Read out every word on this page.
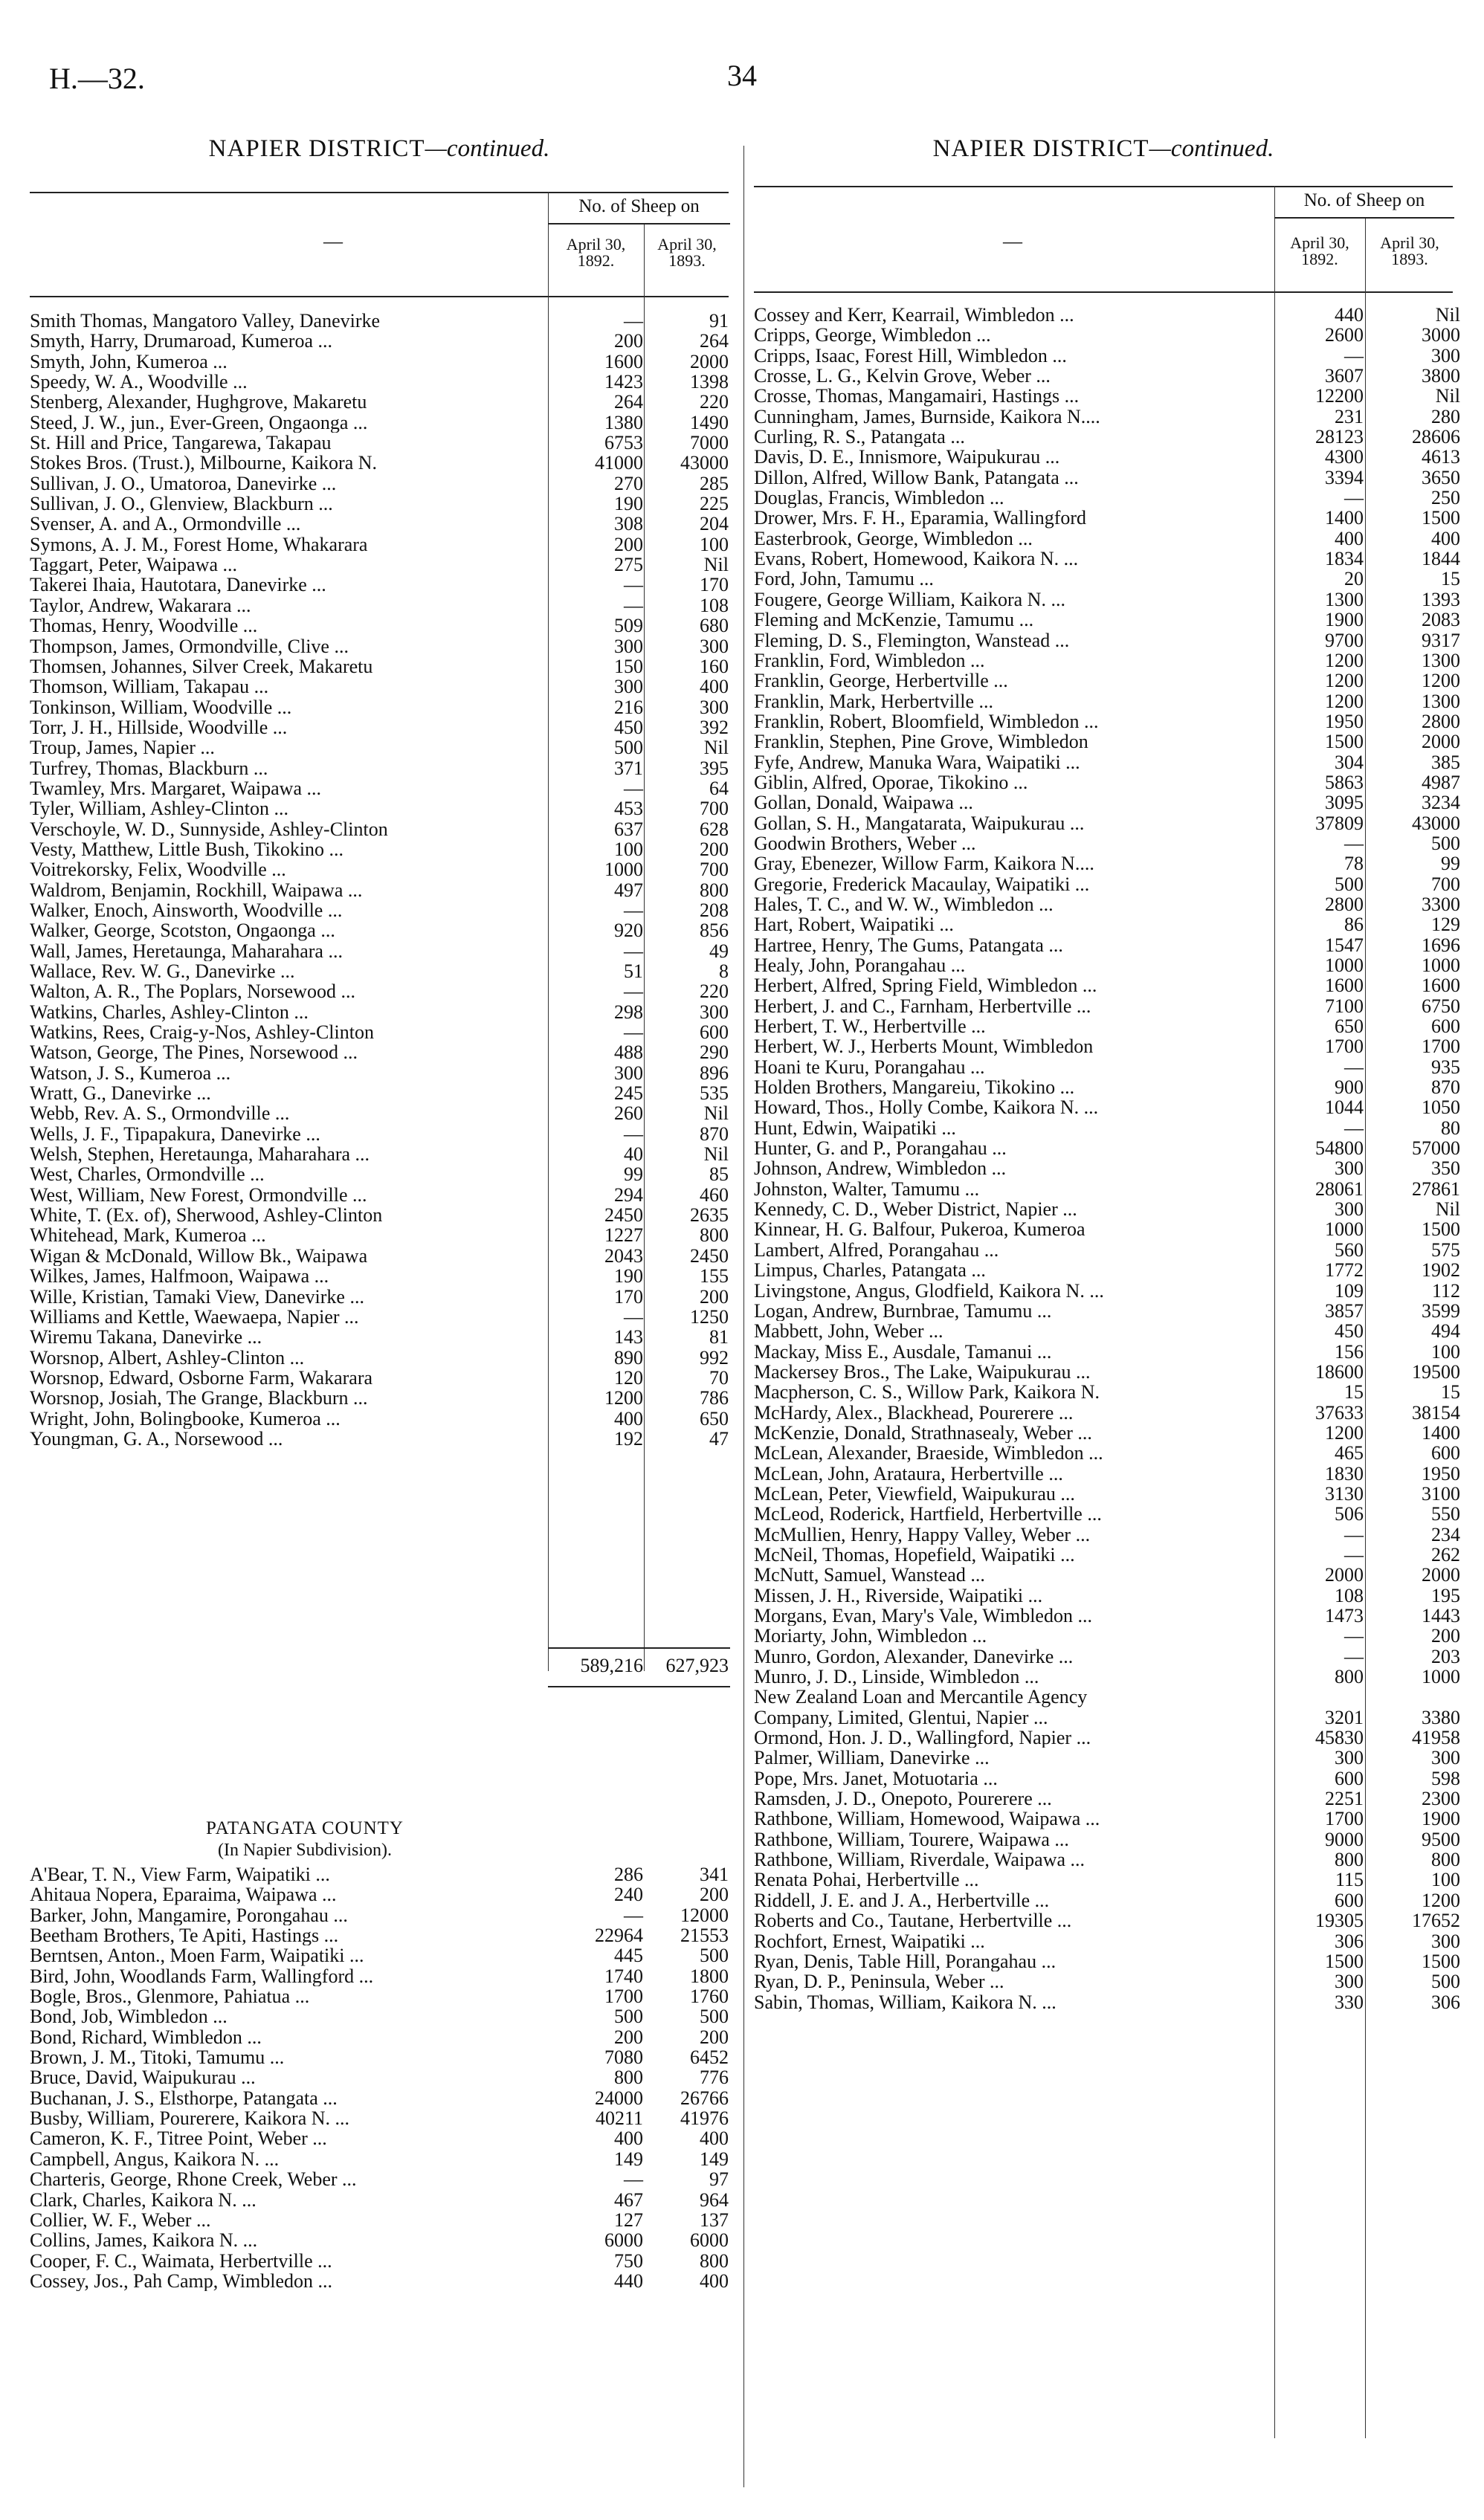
H.—32.	34
NAPIER DISTRICT—continued.
—
No. of Sheep on
April 30,
1892.
April 30,
1893.
Smith Thomas, Mangatoro Valley, Danevirke	—	91
Smyth, Harry, Drumaroad, Kumeroa ...	200	264
Smyth, John, Kumeroa ...	1600	2000
Speedy, W. A., Woodville ...	1423	1398
Stenberg, Alexander, Hughgrove, Makaretu	264	220
Steed, J. W., jun., Ever-Green, Ongaonga ...	1380	1490
St. Hill and Price, Tangarewa, Takapau	6753	7000
Stokes Bros. (Trust.), Milbourne, Kaikora N.	41000	43000
Sullivan, J. O., Umatoroa, Danevirke ...	270	285
Sullivan, J. O., Glenview, Blackburn ...	190	225
Svenser, A. and A., Ormondville ...	308	204
Symons, A. J. M., Forest Home, Whakarara	200	100
Taggart, Peter, Waipawa ...	275	Nil
Takerei Ihaia, Hautotara, Danevirke ...	—	170
Taylor, Andrew, Wakarara ...	—	108
Thomas, Henry, Woodville ...	509	680
Thompson, James, Ormondville, Clive ...	300	300
Thomsen, Johannes, Silver Creek, Makaretu	150	160
Thomson, William, Takapau ...	300	400
Tonkinson, William, Woodville ...	216	300
Torr, J. H., Hillside, Woodville ...	450	392
Troup, James, Napier ...	500	Nil
Turfrey, Thomas, Blackburn ...	371	395
Twamley, Mrs. Margaret, Waipawa ...	—	64
Tyler, William, Ashley-Clinton ...	453	700
Verschoyle, W. D., Sunnyside, Ashley-Clinton	637	628
Vesty, Matthew, Little Bush, Tikokino ...	100	200
Voitrekorsky, Felix, Woodville ...	1000	700
Waldrom, Benjamin, Rockhill, Waipawa ...	497	800
Walker, Enoch, Ainsworth, Woodville ...	—	208
Walker, George, Scotston, Ongaonga ...	920	856
Wall, James, Heretaunga, Maharahara ...	—	49
Wallace, Rev. W. G., Danevirke ...	51	8
Walton, A. R., The Poplars, Norsewood ...	—	220
Watkins, Charles, Ashley-Clinton ...	298	300
Watkins, Rees, Craig-y-Nos, Ashley-Clinton	—	600
Watson, George, The Pines, Norsewood ...	488	290
Watson, J. S., Kumeroa ...	300	896
Wratt, G., Danevirke ...	245	535
Webb, Rev. A. S., Ormondville ...	260	Nil
Wells, J. F., Tipapakura, Danevirke ...	—	870
Welsh, Stephen, Heretaunga, Maharahara ...	40	Nil
West, Charles, Ormondville ...	99	85
West, William, New Forest, Ormondville ...	294	460
White, T. (Ex. of), Sherwood, Ashley-Clinton	2450	2635
Whitehead, Mark, Kumeroa ...	1227	800
Wigan & McDonald, Willow Bk., Waipawa	2043	2450
Wilkes, James, Halfmoon, Waipawa ...	190	155
Wille, Kristian, Tamaki View, Danevirke ...	170	200
Williams and Kettle, Waewaepa, Napier ...	—	1250
Wiremu Takana, Danevirke ...	143	81
Worsnop, Albert, Ashley-Clinton ...	890	992
Worsnop, Edward, Osborne Farm, Wakarara	120	70
Worsnop, Josiah, The Grange, Blackburn ...	1200	786
Wright, John, Bolingbooke, Kumeroa ...	400	650
Youngman, G. A., Norsewood ...	192	47
589,216	627,923
PATANGATA COUNTY
(In Napier Subdivision).
A'Bear, T. N., View Farm, Waipatiki ...	286	341
Ahitaua Nopera, Eparaima, Waipawa ...	240	200
Barker, John, Mangamire, Porongahau ...	—	12000
Beetham Brothers, Te Apiti, Hastings ...	22964	21553
Berntsen, Anton., Moen Farm, Waipatiki ...	445	500
Bird, John, Woodlands Farm, Wallingford ...	1740	1800
Bogle, Bros., Glenmore, Pahiatua ...	1700	1760
Bond, Job, Wimbledon ...	500	500
Bond, Richard, Wimbledon ...	200	200
Brown, J. M., Titoki, Tamumu ...	7080	6452
Bruce, David, Waipukurau ...	800	776
Buchanan, J. S., Elsthorpe, Patangata ...	24000	26766
Busby, William, Pourerere, Kaikora N. ...	40211	41976
Cameron, K. F., Titree Point, Weber ...	400	400
Campbell, Angus, Kaikora N. ...	149	149
Charteris, George, Rhone Creek, Weber ...	—	97
Clark, Charles, Kaikora N. ...	467	964
Collier, W. F., Weber ...	127	137
Collins, James, Kaikora N. ...	6000	6000
Cooper, F. C., Waimata, Herbertville ...	750	800
Cossey, Jos., Pah Camp, Wimbledon ...	440	400
NAPIER DISTRICT—continued.
—
No. of Sheep on
April 30,
1892.
April 30,
1893.
Cossey and Kerr, Kearrail, Wimbledon ...	440	Nil
Cripps, George, Wimbledon ...	2600	3000
Cripps, Isaac, Forest Hill, Wimbledon ...	—	300
Crosse, L. G., Kelvin Grove, Weber ...	3607	3800
Crosse, Thomas, Mangamairi, Hastings ...	12200	Nil
Cunningham, James, Burnside, Kaikora N....	231	280
Curling, R. S., Patangata ...	28123	28606
Davis, D. E., Innismore, Waipukurau ...	4300	4613
Dillon, Alfred, Willow Bank, Patangata ...	3394	3650
Douglas, Francis, Wimbledon ...	—	250
Drower, Mrs. F. H., Eparamia, Wallingford	1400	1500
Easterbrook, George, Wimbledon ...	400	400
Evans, Robert, Homewood, Kaikora N. ...	1834	1844
Ford, John, Tamumu ...	20	15
Fougere, George William, Kaikora N. ...	1300	1393
Fleming and McKenzie, Tamumu ...	1900	2083
Fleming, D. S., Flemington, Wanstead ...	9700	9317
Franklin, Ford, Wimbledon ...	1200	1300
Franklin, George, Herbertville ...	1200	1200
Franklin, Mark, Herbertville ...	1200	1300
Franklin, Robert, Bloomfield, Wimbledon ...	1950	2800
Franklin, Stephen, Pine Grove, Wimbledon	1500	2000
Fyfe, Andrew, Manuka Wara, Waipatiki ...	304	385
Giblin, Alfred, Oporae, Tikokino ...	5863	4987
Gollan, Donald, Waipawa ...	3095	3234
Gollan, S. H., Mangatarata, Waipukurau ...	37809	43000
Goodwin Brothers, Weber ...	—	500
Gray, Ebenezer, Willow Farm, Kaikora N....	78	99
Gregorie, Frederick Macaulay, Waipatiki ...	500	700
Hales, T. C., and W. W., Wimbledon ...	2800	3300
Hart, Robert, Waipatiki ...	86	129
Hartree, Henry, The Gums, Patangata ...	1547	1696
Healy, John, Porangahau ...	1000	1000
Herbert, Alfred, Spring Field, Wimbledon ...	1600	1600
Herbert, J. and C., Farnham, Herbertville ...	7100	6750
Herbert, T. W., Herbertville ...	650	600
Herbert, W. J., Herberts Mount, Wimbledon	1700	1700
Hoani te Kuru, Porangahau ...	—	935
Holden Brothers, Mangareiu, Tikokino ...	900	870
Howard, Thos., Holly Combe, Kaikora N. ...	1044	1050
Hunt, Edwin, Waipatiki ...	—	80
Hunter, G. and P., Porangahau ...	54800	57000
Johnson, Andrew, Wimbledon ...	300	350
Johnston, Walter, Tamumu ...	28061	27861
Kennedy, C. D., Weber District, Napier ...	300	Nil
Kinnear, H. G. Balfour, Pukeroa, Kumeroa	1000	1500
Lambert, Alfred, Porangahau ...	560	575
Limpus, Charles, Patangata ...	1772	1902
Livingstone, Angus, Glodfield, Kaikora N. ...	109	112
Logan, Andrew, Burnbrae, Tamumu ...	3857	3599
Mabbett, John, Weber ...	450	494
Mackay, Miss E., Ausdale, Tamanui ...	156	100
Mackersey Bros., The Lake, Waipukurau ...	18600	19500
Macpherson, C. S., Willow Park, Kaikora N.	15	15
McHardy, Alex., Blackhead, Pourerere ...	37633	38154
McKenzie, Donald, Strathnasealy, Weber ...	1200	1400
McLean, Alexander, Braeside, Wimbledon ...	465	600
McLean, John, Arataura, Herbertville ...	1830	1950
McLean, Peter, Viewfield, Waipukurau ...	3130	3100
McLeod, Roderick, Hartfield, Herbertville ...	506	550
McMullien, Henry, Happy Valley, Weber ...	—	234
McNeil, Thomas, Hopefield, Waipatiki ...	—	262
McNutt, Samuel, Wanstead ...	2000	2000
Missen, J. H., Riverside, Waipatiki ...	108	195
Morgans, Evan, Mary's Vale, Wimbledon ...	1473	1443
Moriarty, John, Wimbledon ...	—	200
Munro, Gordon, Alexander, Danevirke ...	—	203
Munro, J. D., Linside, Wimbledon ...	800	1000
New Zealand Loan and Mercantile Agency
Company, Limited, Glentui, Napier ...	3201	3380
Ormond, Hon. J. D., Wallingford, Napier ...	45830	41958
Palmer, William, Danevirke ...	300	300
Pope, Mrs. Janet, Motuotaria ...	600	598
Ramsden, J. D., Onepoto, Pourerere ...	2251	2300
Rathbone, William, Homewood, Waipawa ...	1700	1900
Rathbone, William, Tourere, Waipawa ...	9000	9500
Rathbone, William, Riverdale, Waipawa ...	800	800
Renata Pohai, Herbertville ...	115	100
Riddell, J. E. and J. A., Herbertville ...	600	1200
Roberts and Co., Tautane, Herbertville ...	19305	17652
Rochfort, Ernest, Waipatiki ...	306	300
Ryan, Denis, Table Hill, Porangahau ...	1500	1500
Ryan, D. P., Peninsula, Weber ...	300	500
Sabin, Thomas, William, Kaikora N. ...	330	306
